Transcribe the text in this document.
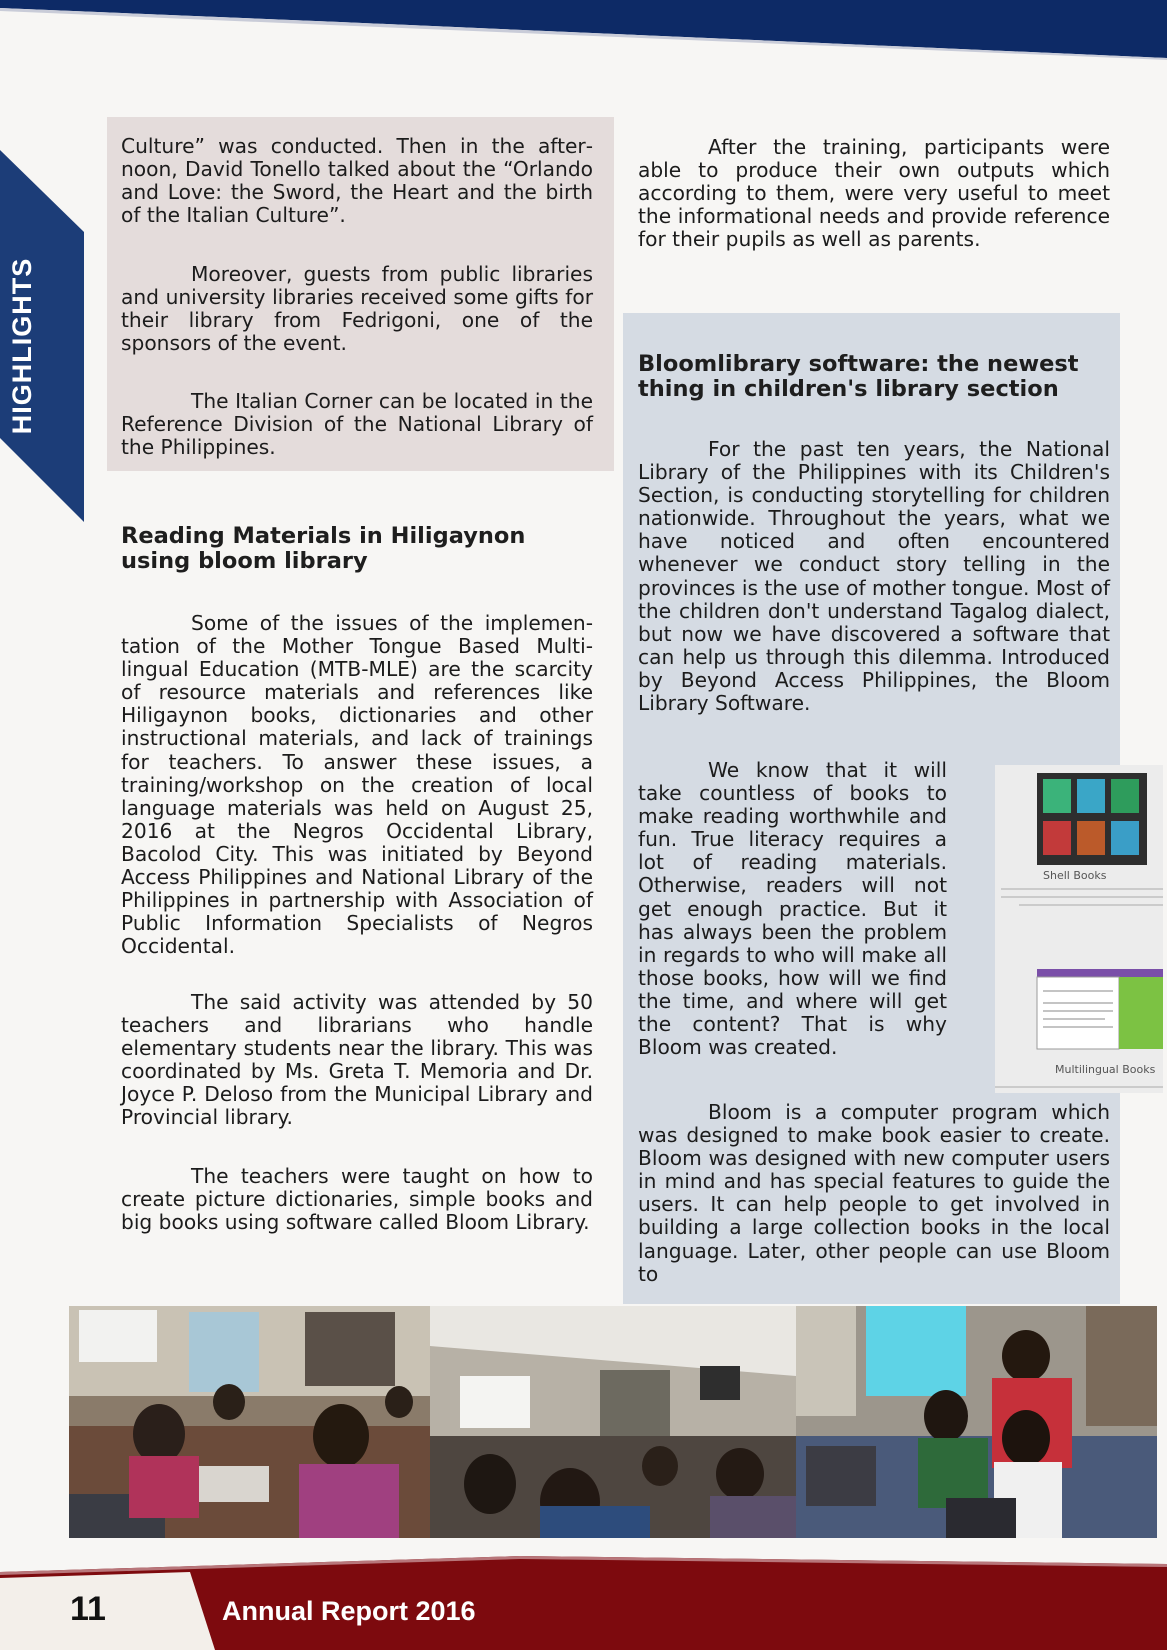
HIGHLIGHTS

Culture” was conducted. Then in the afternoon, David Tonello talked about the “Orlando and Love: the Sword, the Heart and the birth of the Italian Culture”.

Moreover, guests from public libraries and university libraries received some gifts for their library from Fedrigoni, one of the sponsors of the event.

The Italian Corner can be located in the Reference Division of the National Library of the Philippines.

Reading Materials in Hiligaynon using bloom library

Some of the issues of the implementation of the Mother Tongue Based Multilingual Education (MTB-MLE) are the scarcity of resource materials and references like Hiligaynon books, dictionaries and other instructional materials, and lack of trainings for teachers. To answer these issues, a training/workshop on the creation of local language materials was held on August 25, 2016 at the Negros Occidental Library, Bacolod City. This was initiated by Beyond Access Philippines and National Library of the Philippines in partnership with Association of Public Information Specialists of Negros Occidental.

The said activity was attended by 50 teachers and librarians who handle elementary students near the library. This was coordinated by Ms. Greta T. Memoria and Dr. Joyce P. Deloso from the Municipal Library and Provincial library.

The teachers were taught on how to create picture dictionaries, simple books and big books using software called Bloom Library.

After the training, participants were able to produce their own outputs which according to them, were very useful to meet the informational needs and provide reference for their pupils as well as parents.

Bloomlibrary software: the newest thing in children's library section

For the past ten years, the National Library of the Philippines with its Children's Section, is conducting storytelling for children nationwide. Throughout the years, what we have noticed and often encountered whenever we conduct story telling in the provinces is the use of mother tongue. Most of the children don't understand Tagalog dialect, but now we have discovered a software that can help us through this dilemma. Introduced by Beyond Access Philippines, the Bloom Library Software.

We know that it will take countless of books to make reading worthwhile and fun. True literacy requires a lot of reading materials. Otherwise, readers will not get enough practice. But it has always been the problem in regards to who will make all those books, how will we find the time, and where will get the content? That is why Bloom was created.

Bloom is a computer program which was designed to make book easier to create. Bloom was designed with new computer users in mind and has special features to guide the users. It can help people to get involved in building a large collection books in the local language. Later, other people can use Bloom to

Shell Books
Multilingual Books
11	Annual Report 2016
